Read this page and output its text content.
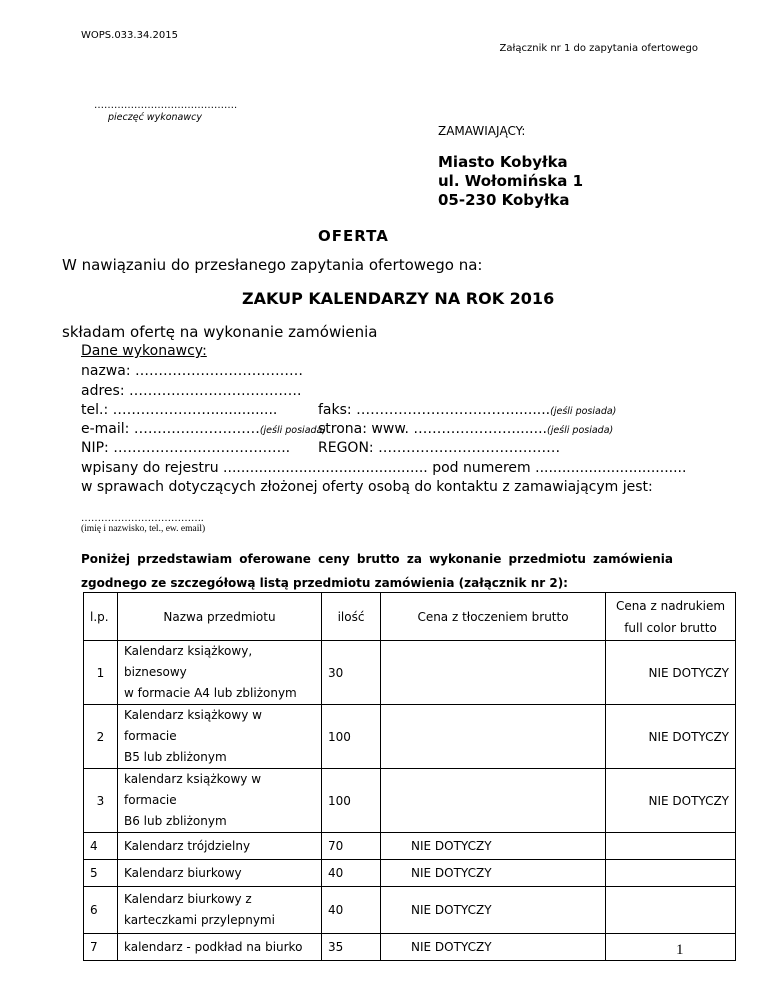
WOPS.033.34.2015
Załącznik nr 1 do zapytania ofertowego
…………………………………….
pieczęć wykonawcy
ZAMAWIAJĄCY:
Miasto Kobyłka
ul. Wołomińska 1
05-230 Kobyłka
OFERTA
W nawiązaniu do przesłanego zapytania ofertowego na:
ZAKUP KALENDARZY NA ROK 2016
składam ofertę na wykonanie zamówienia
Dane wykonawcy:
nazwa: ………………………………
adres: ……………………………….
tel.: …………………...............	faks: …………………………….........(jeśli posiada)
e-mail: ………………………(jeśli posiada)
strona: www. …………………........(jeśli posiada)
NIP: ……………………………….. REGON: …………………………………
wpisany do rejestru .............................................. pod numerem ..................................
w sprawach dotyczących złożonej oferty osobą do kontaktu z zamawiającym jest:
……………………………….
(imię i nazwisko, tel., ew. email)
Poniżej przedstawiam oferowane ceny brutto za wykonanie przedmiotu zamówienia
zgodnego ze szczegółową listą przedmiotu zamówienia (załącznik nr 2):
l.p.	Nazwa przedmiotu	ilość	Cena z tłoczeniem brutto	Cena z nadrukiem
full color brutto

1	Kalendarz książkowy, biznesowy
w formacie A4 lub zbliżonym	30		NIE DOTYCZY
2	Kalendarz książkowy w formacie
B5 lub zbliżonym	100		NIE DOTYCZY
3	kalendarz książkowy w formacie
B6 lub zbliżonym	100		NIE DOTYCZY
4	Kalendarz trójdzielny	70	NIE DOTYCZY	
5	Kalendarz biurkowy	40	NIE DOTYCZY	
6	Kalendarz biurkowy z
karteczkami przylepnymi	40	NIE DOTYCZY	
7	kalendarz - podkład na biurko	35	NIE DOTYCZY		1
